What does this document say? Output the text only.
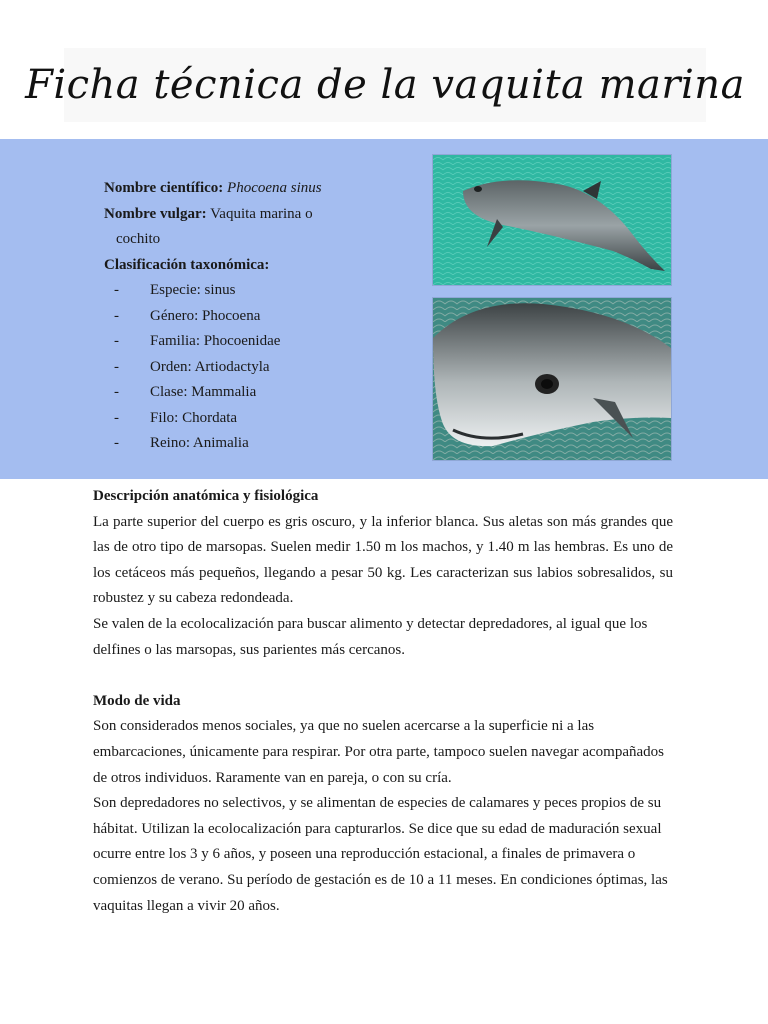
Ficha técnica de la vaquita marina

Nombre científico: Phocoena sinus

Nombre vulgar: Vaquita marina o

cochito

Clasificación taxonómica:

- Especie: sinus
- Género: Phocoena
- Familia: Phocoenidae
- Orden: Artiodactyla
- Clase: Mammalia
- Filo: Chordata
- Reino: Animalia

Descripción anatómica y fisiológica

La parte superior del cuerpo es gris oscuro, y la inferior blanca. Sus aletas son más grandes que las de otro tipo de marsopas. Suelen medir 1.50 m los machos, y 1.40 m las hembras. Es uno de los cetáceos más pequeños, llegando a pesar 50 kg. Les caracterizan sus labios sobresalidos, su robustez y su cabeza redondeada.

Se valen de la ecolocalización para buscar alimento y detectar depredadores, al igual que los delfines o las marsopas, sus parientes más cercanos.

Modo de vida

Son considerados menos sociales, ya que no suelen acercarse a la superficie ni a las embarcaciones, únicamente para respirar. Por otra parte, tampoco suelen navegar acompañados de otros individuos. Raramente van en pareja, o con su cría.

Son depredadores no selectivos, y se alimentan de especies de calamares y peces propios de su hábitat. Utilizan la ecolocalización para capturarlos. Se dice que su edad de maduración sexual ocurre entre los 3 y 6 años, y poseen una reproducción estacional, a finales de primavera o comienzos de verano. Su período de gestación es de 10 a 11 meses. En condiciones óptimas, las vaquitas llegan a vivir 20 años.
